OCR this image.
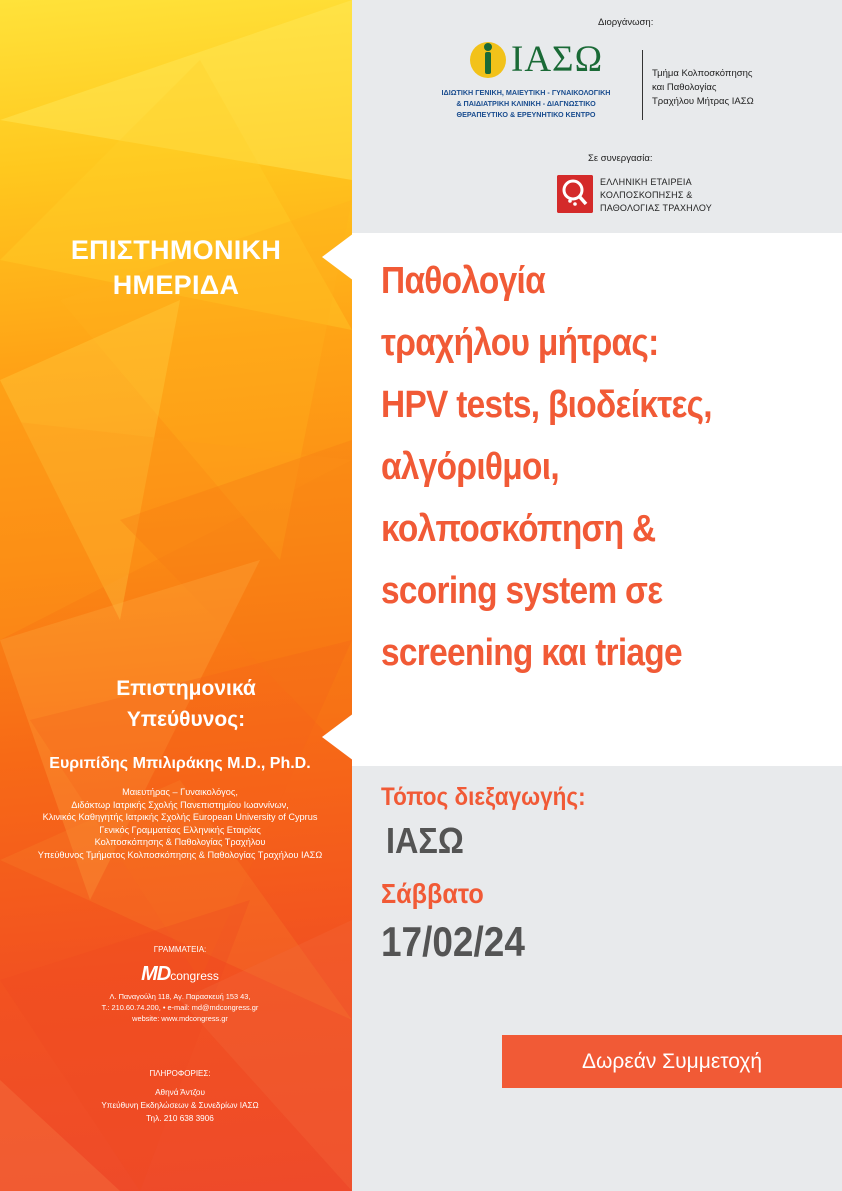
ΕΠΙΣΤΗΜΟΝΙΚΗ
ΗΜΕΡΙΔΑ
Επιστημονικά
Υπεύθυνος:
Ευριπίδης Μπιλιράκης M.D., Ph.D.
Μαιευτήρας – Γυναικολόγος,
Διδάκτωρ Ιατρικής Σχολής Πανεπιστημίου Ιωαννίνων,
Κλινικός Καθηγητής Ιατρικής Σχολής European University of Cyprus
Γενικός Γραμματέας Ελληνικής Εταιρίας
Κολποσκόπησης & Παθολογίας Τραχήλου
Υπεύθυνος Τμήματος Κολποσκόπησης & Παθολογίας Τραχήλου ΙΑΣΩ
ΓΡΑΜΜΑΤΕΙΑ:
MDcongress
Λ. Παναγούλη 118, Αγ. Παρασκευή 153 43,
Τ.: 210.60.74.200, • e-mail: md@mdcongress.gr
website: www.mdcongress.gr
ΠΛΗΡΟΦΟΡΙΕΣ:
Αθηνά Άντζου
Υπεύθυνη Εκδηλώσεων & Συνεδρίων ΙΑΣΩ
Τηλ. 210 638 3906
Διοργάνωση:
ΙΑΣΩ
ΙΔΙΩΤΙΚΗ ΓΕΝΙΚΗ, ΜΑΙΕΥΤΙΚΗ - ΓΥΝΑΙΚΟΛΟΓΙΚΗ
& ΠΑΙΔΙΑΤΡΙΚΗ ΚΛΙΝΙΚΗ - ΔΙΑΓΝΩΣΤΙΚΟ
ΘΕΡΑΠΕΥΤΙΚΟ & ΕΡΕΥΝΗΤΙΚΟ ΚΕΝΤΡΟ
Τμήμα Κολποσκόπησης
και Παθολογίας
Τραχήλου Μήτρας ΙΑΣΩ
Σε συνεργασία:
ΕΛΛΗΝΙΚΗ ΕΤΑΙΡΕΙΑ
ΚΟΛΠΟΣΚΟΠΗΣΗΣ &
ΠΑΘΟΛΟΓΙΑΣ ΤΡΑΧΗΛΟΥ
Παθολογία
τραχήλου μήτρας:
HPV tests, βιοδείκτες,
αλγόριθμοι,
κολποσκόπηση &
scoring system σε
screening και triage
Τόπος διεξαγωγής:
ΙΑΣΩ
Σάββατο
17/02/24
Δωρεάν Συμμετοχή
